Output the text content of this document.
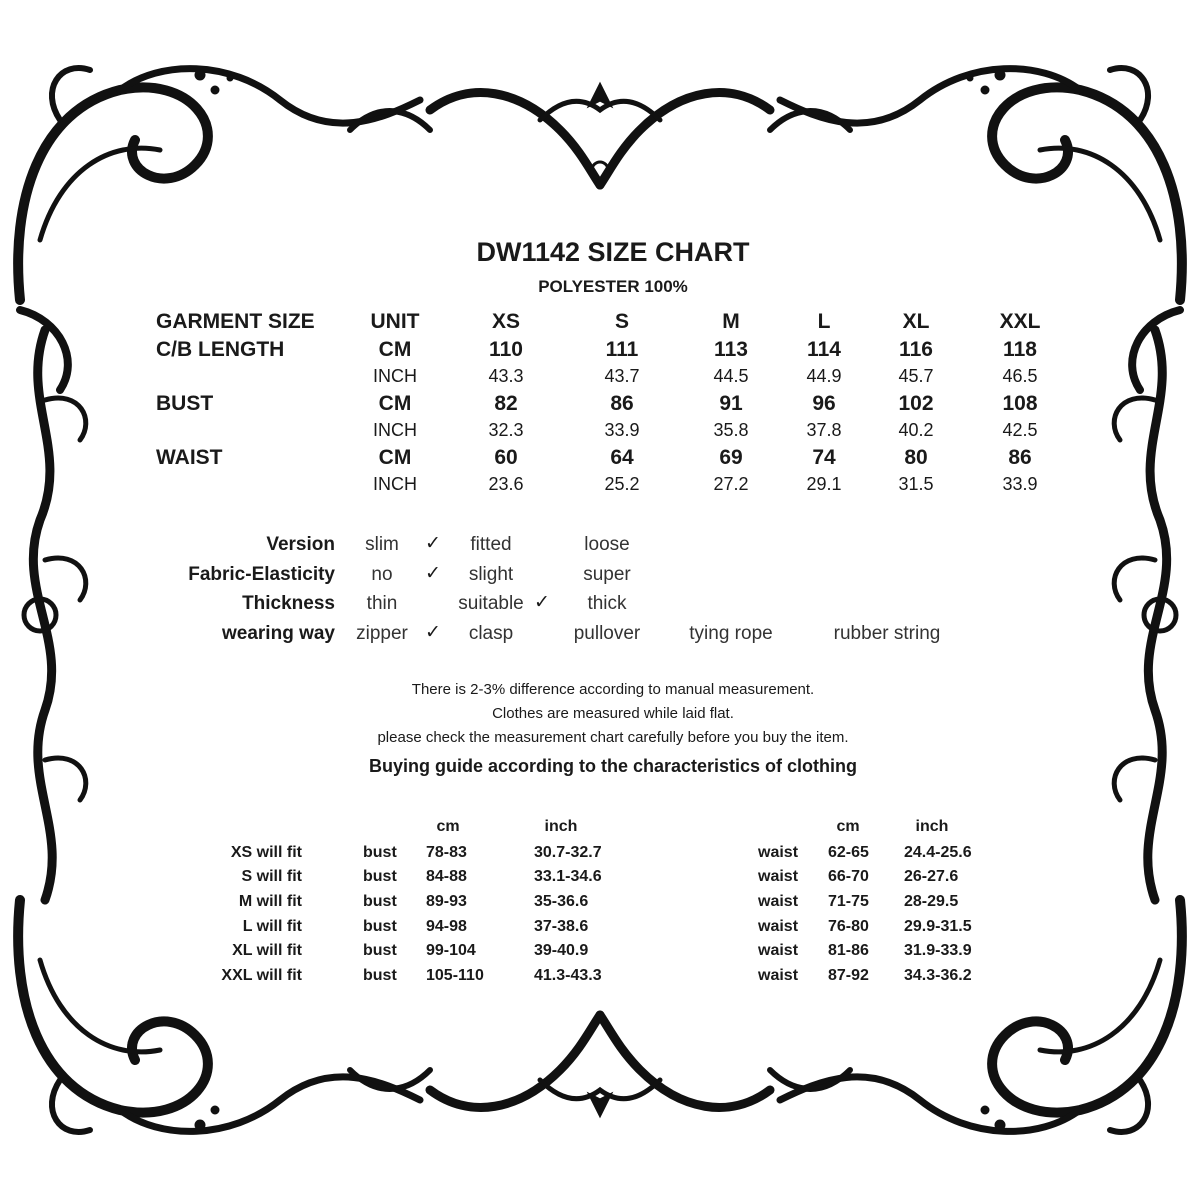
DW1142 SIZE CHART
POLYESTER 100%
GARMENT SIZE	UNIT	XS	S	M	L	XL	XXL
C/B LENGTH	CM	110	111	113	114	116	118
INCH	43.3	43.7	44.5	44.9	45.7	46.5
BUST	CM	82	86	91	96	102	108
INCH	32.3	33.9	35.8	37.8	40.2	42.5
WAIST	CM	60	64	69	74	80	86
INCH	23.6	25.2	27.2	29.1	31.5	33.9
Version slim ✓ fitted	loose
Fabric-Elasticity no ✓ slight	super
Thickness thin	suitable ✓ thick
wearing way zipper ✓ clasp	pullover	tying rope	rubber string
There is 2-3% difference according to manual measurement.
Clothes are measured while laid flat.
please check the measurement chart carefully before you buy the item.
Buying guide according to the characteristics of clothing
cm	inch	cm	inch
XS will fit	bust 78-83	30.7-32.7	waist 62-65 24.4-25.6
S will fit	bust 84-88	33.1-34.6	waist 66-70 26-27.6
M will fit	bust 89-93	35-36.6	waist 71-75 28-29.5
L will fit	bust 94-98	37-38.6	waist 76-80 29.9-31.5
XL will fit	bust 99-104	39-40.9	waist 81-86 31.9-33.9
XXL will fit	bust 105-110	41.3-43.3	waist 87-92 34.3-36.2
